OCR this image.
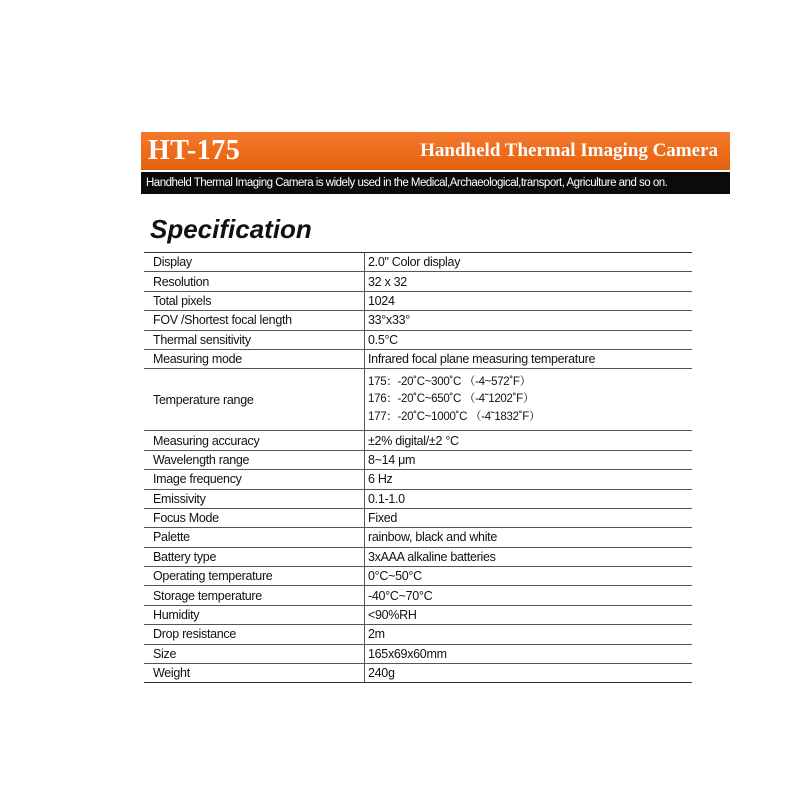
HT-175	Handheld Thermal Imaging Camera
Handheld Thermal Imaging Camera is widely used in the Medical,Archaeological,transport, Agriculture and so on.
Specification
Display	2.0" Color display
Resolution	32 x 32
Total pixels	1024
FOV /Shortest focal length	33°x33°
Thermal sensitivity	0.5°C
Measuring mode	Infrared focal plane measuring temperature
Temperature range
175：-20˚C~300˚C （-4~572˚F）
176：-20˚C~650˚C （-4˜1202˚F）
177：-20˚C~1000˚C （-4˜1832˚F）
Measuring accuracy	±2% digital/±2 °C
Wavelength range	8~14 μm
Image frequency	6 Hz
Emissivity	0.1-1.0
Focus Mode	Fixed
Palette	rainbow, black and white
Battery type	3xAAA alkaline batteries
Operating temperature	0°C~50°C
Storage temperature	-40°C~70°C
Humidity	<90%RH
Drop resistance	2m
Size	165x69x60mm
Weight	240g
